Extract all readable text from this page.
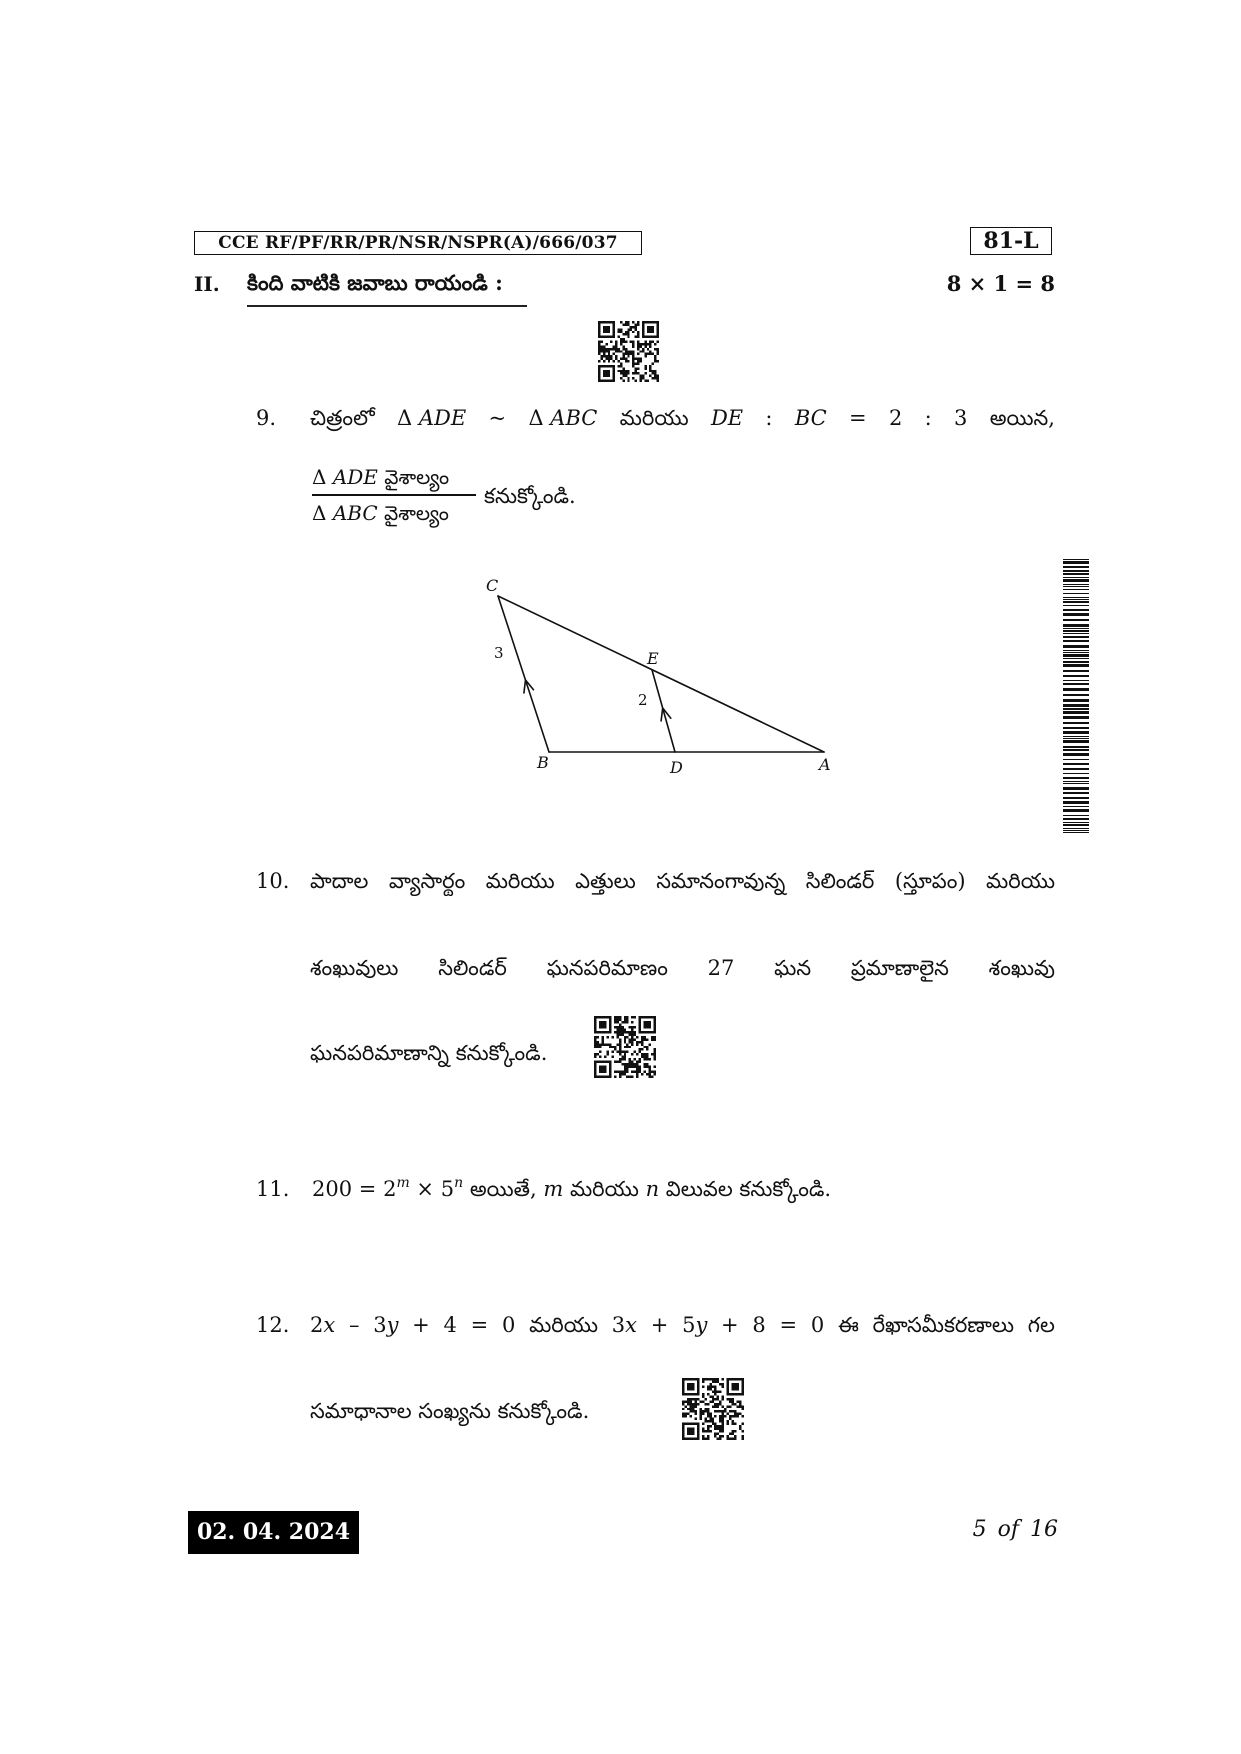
CCE RF/PF/RR/PR/NSR/NSPR(A)/666/037	81-L
II. కింది వాటికి జవాబు రాయండి :	8 × 1 = 8
9. చిత్రంలో Δ ADE ~ Δ ABC మరియు DE : BC = 2 : 3 అయిన,
Δ ADE వైశాల్యం
Δ ABC వైశాల్యం
కనుక్కోండి.
C
E
B	D	A
3
2
10. పాదాల వ్యాసార్థం మరియు ఎత్తులు సమానంగావున్న సిలిండర్ (స్తూపం) మరియు
శంఖువులు సిలిండర్ ఘనపరిమాణం 27 ఘన ప్రమాణాలైన శంఖువు
ఘనపరిమాణాన్ని కనుక్కోండి.
11. $200 = 2^m \times 5^n$ అయితే, m మరియు n విలువల కనుక్కోండి.
12. 2x – 3y + 4 = 0 మరియు 3x + 5y + 8 = 0 ఈ రేఖాసమీకరణాలు గల
సమాధానాల సంఖ్యను కనుక్కోండి.
02. 04. 2024	5 of 16
